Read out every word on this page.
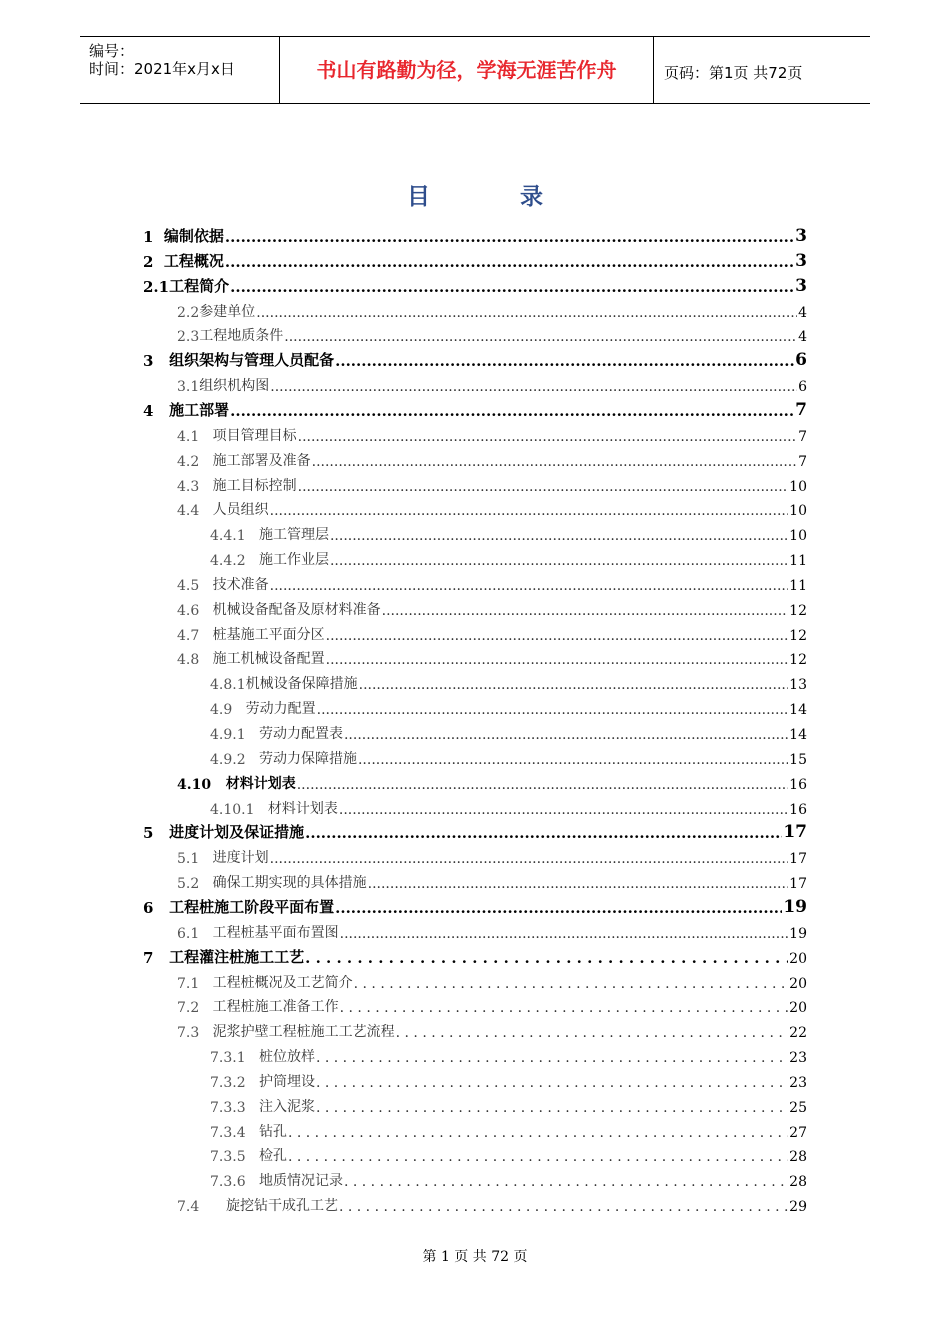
编号：
时间：2021年x月x日	书山有路勤为径，学海无涯苦作舟	页码：第1页 共72页
目录
1 编制依据 .....	3
2 工程概况 .....	3
2.1 工程简介 .....	3
2.2 参建单位 .....	4
2.3 工程地质条件 .....	4
3 组织架构与管理人员配备 .....	6
3.1 组织机构图 .....	6
4 施工部署 .....	7
4.1 项目管理目标 .....	7
4.2 施工部署及准备 .....	7
4.3 施工目标控制 .....	10
4.4 人员组织 .....	10
4.4.1 施工管理层 .....	10
4.4.2 施工作业层 .....	11
4.5 技术准备 .....	11
4.6 机械设备配备及原材料准备 .....	12
4.7 桩基施工平面分区 .....	12
4.8 施工机械设备配置 .....	12
4.8.1 机械设备保障措施 .....	13
4.9 劳动力配置 .....	14
4.9.1 劳动力配置表 .....	14
4.9.2 劳动力保障措施 .....	15
4.10 材料计划表 .....	16
4.10.1 材料计划表 .....	16
5 进度计划及保证措施 .....	17
5.1 进度计划 .....	17
5.2 确保工期实现的具体措施 .....	17
6 工程桩施工阶段平面布置 .....	19
6.1 工程桩基平面布置图 .....	19
7 工程灌注桩施工工艺 . . .	20
7.1 工程桩概况及工艺简介 . . .	20
7.2 工程桩施工准备工作 . . .	20
7.3 泥浆护壁工程桩施工工艺流程 . . .	22
7.3.1 桩位放样 . . .	23
7.3.2 护筒埋设 . . .	23
7.3.3 注入泥浆 . . .	25
7.3.4 钻孔 . . .	27
7.3.5 检孔 . . .	28
7.3.6 地质情况记录 . . .	28
7.4 旋挖钻干成孔工艺 . . .	29
第 1 页 共 72 页
